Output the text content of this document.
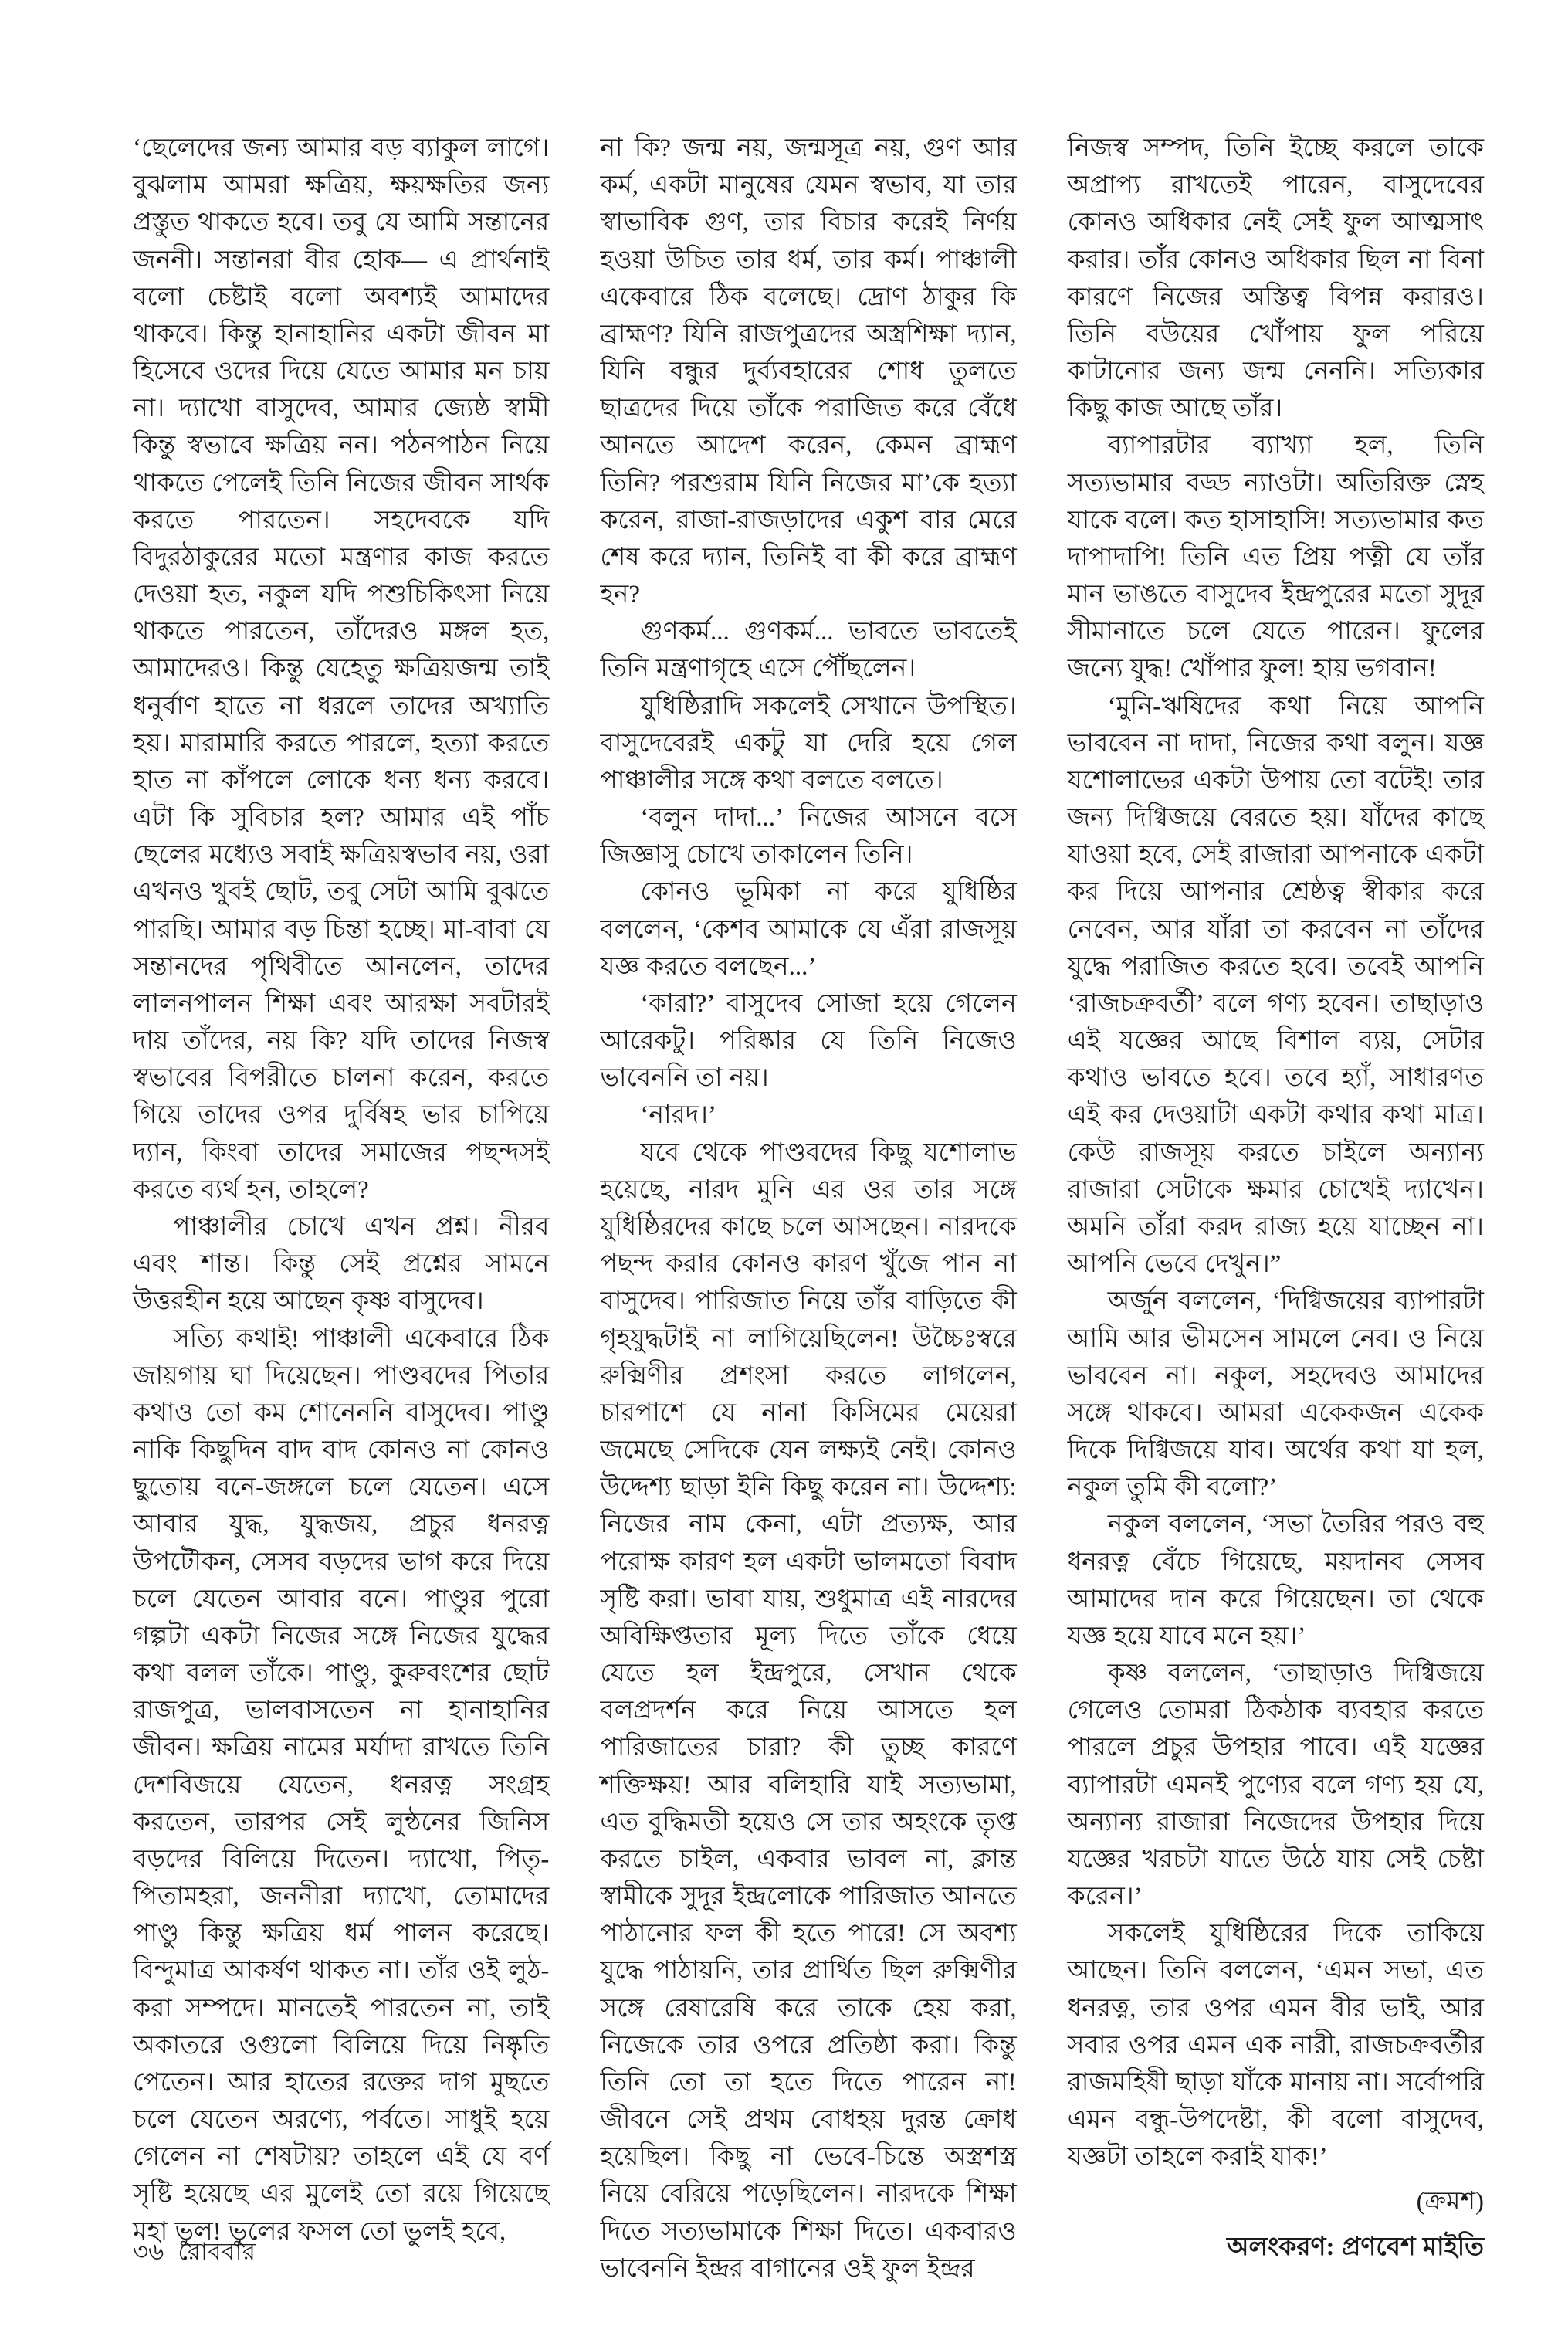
‘ছেলেদের জন্য আমার বড় ব্যাকুল লাগে। বুঝলাম আমরা ক্ষত্রিয়, ক্ষয়ক্ষতির জন্য প্রস্তুত থাকতে হবে। তবু যে আমি সন্তানের জননী। সন্তানরা বীর হোক— এ প্রার্থনাই বলো চেষ্টাই বলো অবশ্যই আমাদের থাকবে। কিন্তু হানাহানির একটা জীবন মা হিসেবে ওদের দিয়ে যেতে আমার মন চায় না। দ্যাখো বাসুদেব, আমার জ্যেষ্ঠ স্বামী কিন্তু স্বভাবে ক্ষত্রিয় নন। পঠনপাঠন নিয়ে থাকতে পেলেই তিনি নিজের জীবন সার্থক করতে পারতেন। সহদেবকে যদি বিদুরঠাকুরের মতো মন্ত্রণার কাজ করতে দেওয়া হত, নকুল যদি পশুচিকিৎসা নিয়ে থাকতে পারতেন, তাঁদেরও মঙ্গল হত, আমাদেরও। কিন্তু যেহেতু ক্ষত্রিয়জন্ম তাই ধনুর্বাণ হাতে না ধরলে তাদের অখ্যাতি হয়। মারামারি করতে পারলে, হত্যা করতে হাত না কাঁপলে লোকে ধন্য ধন্য করবে। এটা কি সুবিচার হল? আমার এই পাঁচ ছেলের মধ্যেও সবাই ক্ষত্রিয়স্বভাব নয়, ওরা এখনও খুবই ছোট, তবু সেটা আমি বুঝতে পারছি। আমার বড় চিন্তা হচ্ছে। মা-বাবা যে সন্তানদের পৃথিবীতে আনলেন, তাদের লালনপালন শিক্ষা এবং আরক্ষা সবটারই দায় তাঁদের, নয় কি? যদি তাদের নিজস্ব স্বভাবের বিপরীতে চালনা করেন, করতে গিয়ে তাদের ওপর দুর্বিষহ ভার চাপিয়ে দ্যান, কিংবা তাদের সমাজের পছন্দসই করতে ব্যর্থ হন, তাহলে?

পাঞ্চালীর চোখে এখন প্রশ্ন। নীরব এবং শান্ত। কিন্তু সেই প্রশ্নের সামনে উত্তরহীন হয়ে আছেন কৃষ্ণ বাসুদেব।

সত্যি কথাই! পাঞ্চালী একেবারে ঠিক জায়গায় ঘা দিয়েছেন। পাণ্ডবদের পিতার কথাও তো কম শোনেননি বাসুদেব। পাণ্ডু নাকি কিছুদিন বাদ বাদ কোনও না কোনও ছুতোয় বনে-জঙ্গলে চলে যেতেন। এসে আবার যুদ্ধ, যুদ্ধজয়, প্রচুর ধনরত্ন উপটৌকন, সেসব বড়দের ভাগ করে দিয়ে চলে যেতেন আবার বনে। পাণ্ডুর পুরো গল্পটা একটা নিজের সঙ্গে নিজের যুদ্ধের কথা বলল তাঁকে। পাণ্ডু, কুরুবংশের ছোট রাজপুত্র, ভালবাসতেন না হানাহানির জীবন। ক্ষত্রিয় নামের মর্যাদা রাখতে তিনি দেশবিজয়ে যেতেন, ধনরত্ন সংগ্রহ করতেন, তারপর সেই লুন্ঠনের জিনিস বড়দের বিলিয়ে দিতেন। দ্যাখো, পিতৃ-পিতামহরা, জননীরা দ্যাখো, তোমাদের পাণ্ডু কিন্তু ক্ষত্রিয় ধর্ম পালন করেছে। বিন্দুমাত্র আকর্ষণ থাকত না। তাঁর ওই লুঠ-করা সম্পদে। মানতেই পারতেন না, তাই অকাতরে ওগুলো বিলিয়ে দিয়ে নিষ্কৃতি পেতেন। আর হাতের রক্তের দাগ মুছতে চলে যেতেন অরণ্যে, পর্বতে। সাধুই হয়ে গেলেন না শেষটায়? তাহলে এই যে বর্ণ সৃষ্টি হয়েছে এর মুলেই তো রয়ে গিয়েছে মহা ভুল! ভুলের ফসল তো ভুলই হবে,

না কি? জন্ম নয়, জন্মসূত্র নয়, গুণ আর কর্ম, একটা মানুষের যেমন স্বভাব, যা তার স্বাভাবিক গুণ, তার বিচার করেই নির্ণয় হওয়া উচিত তার ধর্ম, তার কর্ম। পাঞ্চালী একেবারে ঠিক বলেছে। দ্রোণ ঠাকুর কি ব্রাহ্মণ? যিনি রাজপুত্রদের অস্ত্রশিক্ষা দ্যান, যিনি বন্ধুর দুর্ব্যবহারের শোধ তুলতে ছাত্রদের দিয়ে তাঁকে পরাজিত করে বেঁধে আনতে আদেশ করেন, কেমন ব্রাহ্মণ তিনি? পরশুরাম যিনি নিজের মা’কে হত্যা করেন, রাজা-রাজড়াদের একুশ বার মেরে শেষ করে দ্যান, তিনিই বা কী করে ব্রাহ্মণ হন?

গুণকর্ম... গুণকর্ম... ভাবতে ভাবতেই তিনি মন্ত্রণাগৃহে এসে পৌঁছলেন।

যুধিষ্ঠিরাদি সকলেই সেখানে উপস্থিত। বাসুদেবেরই একটু যা দেরি হয়ে গেল পাঞ্চালীর সঙ্গে কথা বলতে বলতে।

‘বলুন দাদা...’ নিজের আসনে বসে জিজ্ঞাসু চোখে তাকালেন তিনি।

কোনও ভূমিকা না করে যুধিষ্ঠির বললেন, ‘কেশব আমাকে যে এঁরা রাজসূয় যজ্ঞ করতে বলছেন...’

‘কারা?’ বাসুদেব সোজা হয়ে গেলেন আরেকটু। পরিষ্কার যে তিনি নিজেও ভাবেননি তা নয়।

‘নারদ।’

যবে থেকে পাণ্ডবদের কিছু যশোলাভ হয়েছে, নারদ মুনি এর ওর তার সঙ্গে যুধিষ্ঠিরদের কাছে চলে আসছেন। নারদকে পছন্দ করার কোনও কারণ খুঁজে পান না বাসুদেব। পারিজাত নিয়ে তাঁর বাড়িতে কী গৃহযুদ্ধটাই না লাগিয়েছিলেন! উচ্চৈঃস্বরে রুক্মিণীর প্রশংসা করতে লাগলেন, চারপাশে যে নানা কিসিমের মেয়েরা জমেছে সেদিকে যেন লক্ষ্যই নেই। কোনও উদ্দেশ্য ছাড়া ইনি কিছু করেন না। উদ্দেশ্য: নিজের নাম কেনা, এটা প্রত্যক্ষ, আর পরোক্ষ কারণ হল একটা ভালমতো বিবাদ সৃষ্টি করা। ভাবা যায়, শুধুমাত্র এই নারদের অবিক্ষিপ্ততার মূল্য দিতে তাঁকে ধেয়ে যেতে হল ইন্দ্রপুরে, সেখান থেকে বলপ্রদর্শন করে নিয়ে আসতে হল পারিজাতের চারা? কী তুচ্ছ কারণে শক্তিক্ষয়! আর বলিহারি যাই সত্যভামা, এত বুদ্ধিমতী হয়েও সে তার অহংকে তৃপ্ত করতে চাইল, একবার ভাবল না, ক্লান্ত স্বামীকে সুদূর ইন্দ্রলোকে পারিজাত আনতে পাঠানোর ফল কী হতে পারে! সে অবশ্য যুদ্ধে পাঠায়নি, তার প্রার্থিত ছিল রুক্মিণীর সঙ্গে রেষারেষি করে তাকে হেয় করা, নিজেকে তার ওপরে প্রতিষ্ঠা করা। কিন্তু তিনি তো তা হতে দিতে পারেন না! জীবনে সেই প্রথম বোধহয় দুরন্ত ক্রোধ হয়েছিল। কিছু না ভেবে-চিন্তে অস্ত্রশস্ত্র নিয়ে বেরিয়ে পড়েছিলেন। নারদকে শিক্ষা দিতে সত্যভামাকে শিক্ষা দিতে। একবারও ভাবেননি ইন্দ্রর বাগানের ওই ফুল ইন্দ্রর

নিজস্ব সম্পদ, তিনি ইচ্ছে করলে তাকে অপ্রাপ্য রাখতেই পারেন, বাসুদেবের কোনও অধিকার নেই সেই ফুল আত্মসাৎ করার। তাঁর কোনও অধিকার ছিল না বিনা কারণে নিজের অস্তিত্ব বিপন্ন করারও। তিনি বউয়ের খোঁপায় ফুল পরিয়ে কাটানোর জন্য জন্ম নেননি। সত্যিকার কিছু কাজ আছে তাঁর।

ব্যাপারটার ব্যাখ্যা হল, তিনি সত্যভামার বড্ড ন্যাওটা। অতিরিক্ত স্নেহ যাকে বলে। কত হাসাহাসি! সত্যভামার কত দাপাদাপি! তিনি এত প্রিয় পত্নী যে তাঁর মান ভাঙতে বাসুদেব ইন্দ্রপুরের মতো সুদূর সীমানাতে চলে যেতে পারেন। ফুলের জন্যে যুদ্ধ! খোঁপার ফুল! হায় ভগবান!

‘মুনি-ঋষিদের কথা নিয়ে আপনি ভাববেন না দাদা, নিজের কথা বলুন। যজ্ঞ যশোলাভের একটা উপায় তো বটেই! তার জন্য দিগ্বিজয়ে বেরতে হয়। যাঁদের কাছে যাওয়া হবে, সেই রাজারা আপনাকে একটা কর দিয়ে আপনার শ্রেষ্ঠত্ব স্বীকার করে নেবেন, আর যাঁরা তা করবেন না তাঁদের যুদ্ধে পরাজিত করতে হবে। তবেই আপনি ‘রাজচক্রবর্তী’ বলে গণ্য হবেন। তাছাড়াও এই যজ্ঞের আছে বিশাল ব্যয়, সেটার কথাও ভাবতে হবে। তবে হ্যাঁ, সাধারণত এই কর দেওয়াটা একটা কথার কথা মাত্র। কেউ রাজসূয় করতে চাইলে অন্যান্য রাজারা সেটাকে ক্ষমার চোখেই দ্যাখেন। অমনি তাঁরা করদ রাজ্য হয়ে যাচ্ছেন না। আপনি ভেবে দেখুন।”

অর্জুন বললেন, ‘দিগ্বিজয়ের ব্যাপারটা আমি আর ভীমসেন সামলে নেব। ও নিয়ে ভাববেন না। নকুল, সহদেবও আমাদের সঙ্গে থাকবে। আমরা একেকজন একেক দিকে দিগ্বিজয়ে যাব। অর্থের কথা যা হল, নকুল তুমি কী বলো?’

নকুল বললেন, ‘সভা তৈরির পরও বহু ধনরত্ন বেঁচে গিয়েছে, ময়দানব সেসব আমাদের দান করে গিয়েছেন। তা থেকে যজ্ঞ হয়ে যাবে মনে হয়।’

কৃষ্ণ বললেন, ‘তাছাড়াও দিগ্বিজয়ে গেলেও তোমরা ঠিকঠাক ব্যবহার করতে পারলে প্রচুর উপহার পাবে। এই যজ্ঞের ব্যাপারটা এমনই পুণ্যের বলে গণ্য হয় যে, অন্যান্য রাজারা নিজেদের উপহার দিয়ে যজ্ঞের খরচটা যাতে উঠে যায় সেই চেষ্টা করেন।’

সকলেই যুধিষ্ঠিরের দিকে তাকিয়ে আছেন। তিনি বললেন, ‘এমন সভা, এত ধনরত্ন, তার ওপর এমন বীর ভাই, আর সবার ওপর এমন এক নারী, রাজচক্রবর্তীর রাজমহিষী ছাড়া যাঁকে মানায় না। সর্বোপরি এমন বন্ধু-উপদেষ্টা, কী বলো বাসুদেব, যজ্ঞটা তাহলে করাই যাক!’

(ক্রমশ)

অলংকরণ: প্রণবেশ মাইতি

৩৬ রোববার
